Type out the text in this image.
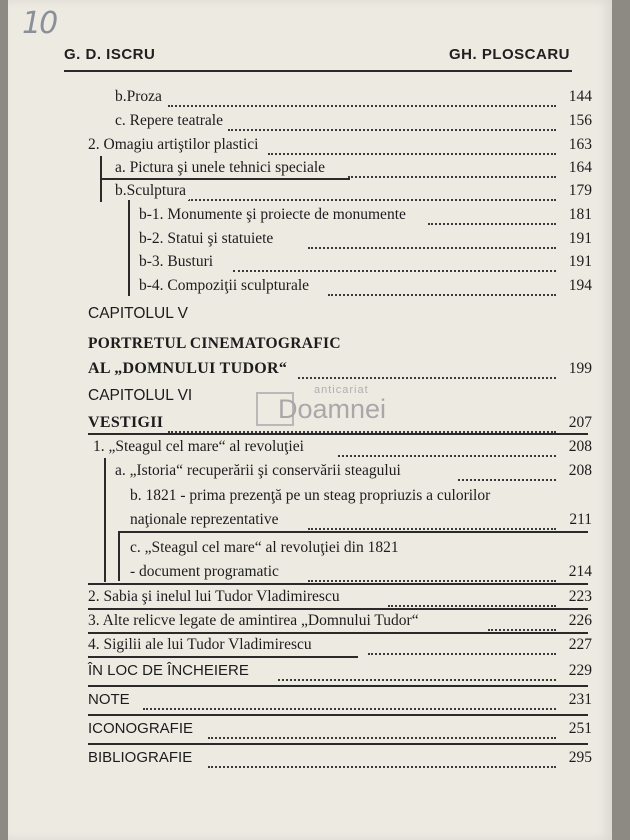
10
G. D. ISCRU	GH. PLOSCARU
b.Proza	144
c. Repere teatrale	156
2. Omagiu artiştilor plastici	163
a. Pictura şi unele tehnici speciale	164
b.Sculptura	179
b-1. Monumente şi proiecte de monumente	181
b-2. Statui şi statuiete	191
b-3. Busturi	191
b-4. Compoziţii sculpturale	194
CAPITOLUL V
PORTRETUL CINEMATOGRAFIC
AL „DOMNULUI TUDOR“	199
anticariat
Doamnei
CAPITOLUL VI
VESTIGII	207
1. „Steagul cel mare“ al revoluţiei	208
a. „Istoria“ recuperării şi conservării steagului	208
b. 1821 - prima prezenţă pe un steag propriuzis a culorilor
naţionale reprezentative	211
c. „Steagul cel mare“ al revoluţiei din 1821
- document programatic	214
2. Sabia şi inelul lui Tudor Vladimirescu	223
3. Alte relicve legate de amintirea „Domnului Tudor“	226
4. Sigilii ale lui Tudor Vladimirescu	227
ÎN LOC DE ÎNCHEIERE	229
NOTE	231
ICONOGRAFIE	251
BIBLIOGRAFIE	295
